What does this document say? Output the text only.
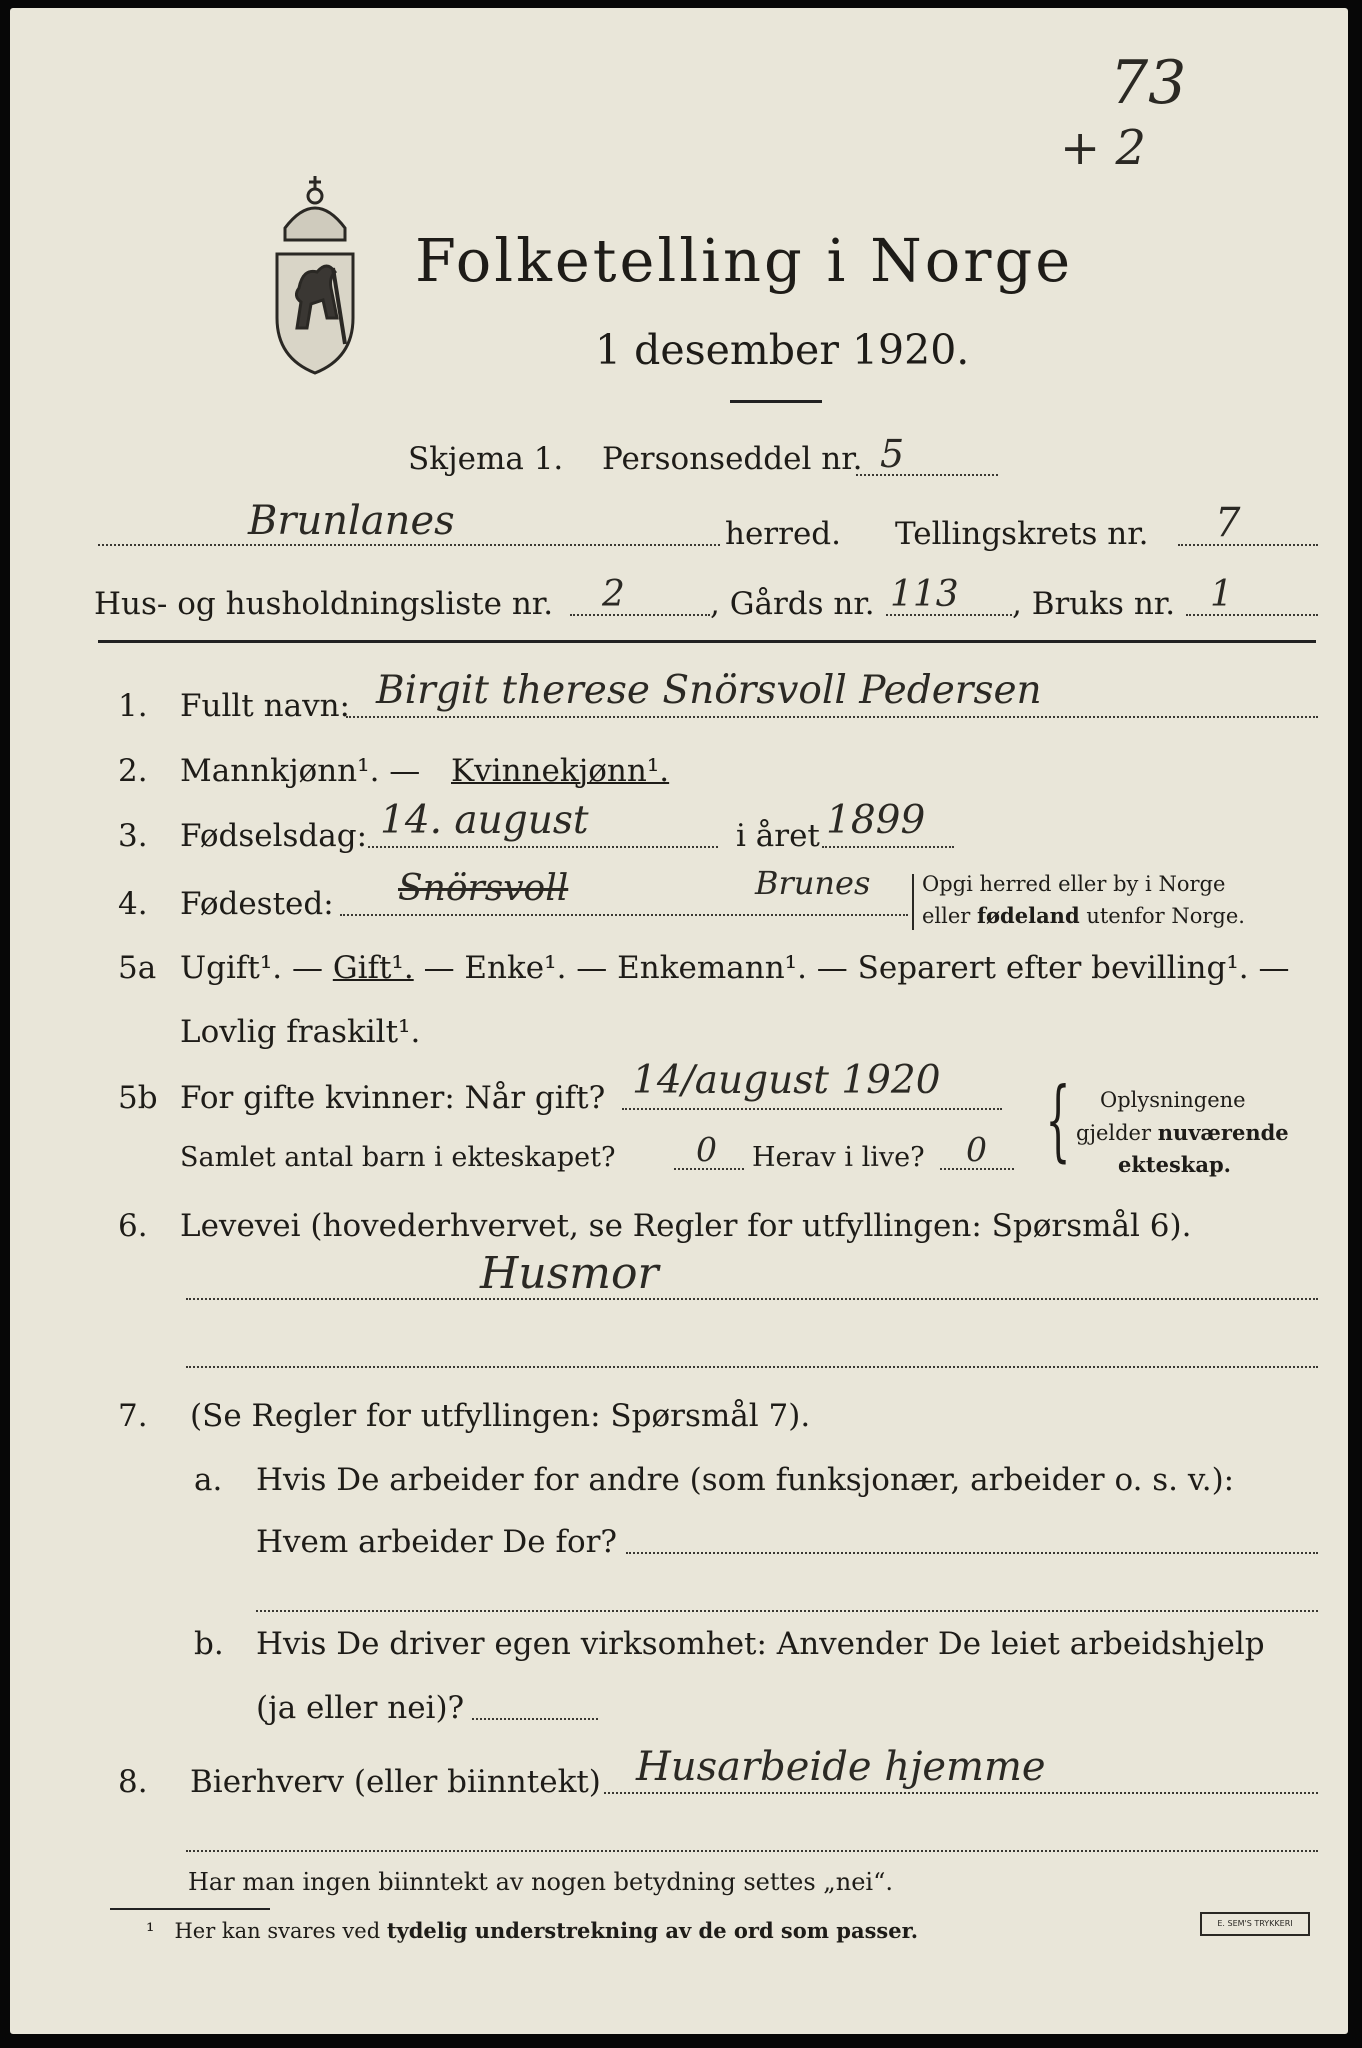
73
+ 2
Folketelling i Norge
1 desember 1920.
Skjema 1. Personseddel nr. 5
Brunlanes	herred. Tellingskrets nr. 7
Hus- og husholdningsliste nr. 2	, Gårds nr. 113 , Bruks nr. 1
1. Fullt navn: Birgit therese Snörsvoll Pedersen
2. Mannkjønn¹. — Kvinnekjønn¹.
3. Fødselsdag: 14. august	i året 1899
4. Fødested: Snörsvoll	Brunes Opgi herred eller by i Norge
eller fødeland utenfor Norge.
5a Ugift¹. — Gift¹. — Enke¹. — Enkemann¹. — Separert efter bevilling¹. —
Lovlig fraskilt¹.
5b For gifte kvinner: Når gift? 14/august 1920
Samlet antal barn i ekteskapet? 0 Herav i live? 0 { Oplysningene
gjelder nuværende
ekteskap.
6. Levevei (hovederhvervet, se Regler for utfyllingen: Spørsmål 6).
Husmor
7. (Se Regler for utfyllingen: Spørsmål 7).
a. Hvis De arbeider for andre (som funksjonær, arbeider o. s. v.):
Hvem arbeider De for?
b. Hvis De driver egen virksomhet: Anvender De leiet arbeidshjelp
(ja eller nei)?
8. Bierhverv (eller biinntekt) Husarbeide hjemme
Har man ingen biinntekt av nogen betydning settes „nei“.
¹ Her kan svares ved tydelig understrekning av de ord som passer.	E. SEM'S TRYKKERI
